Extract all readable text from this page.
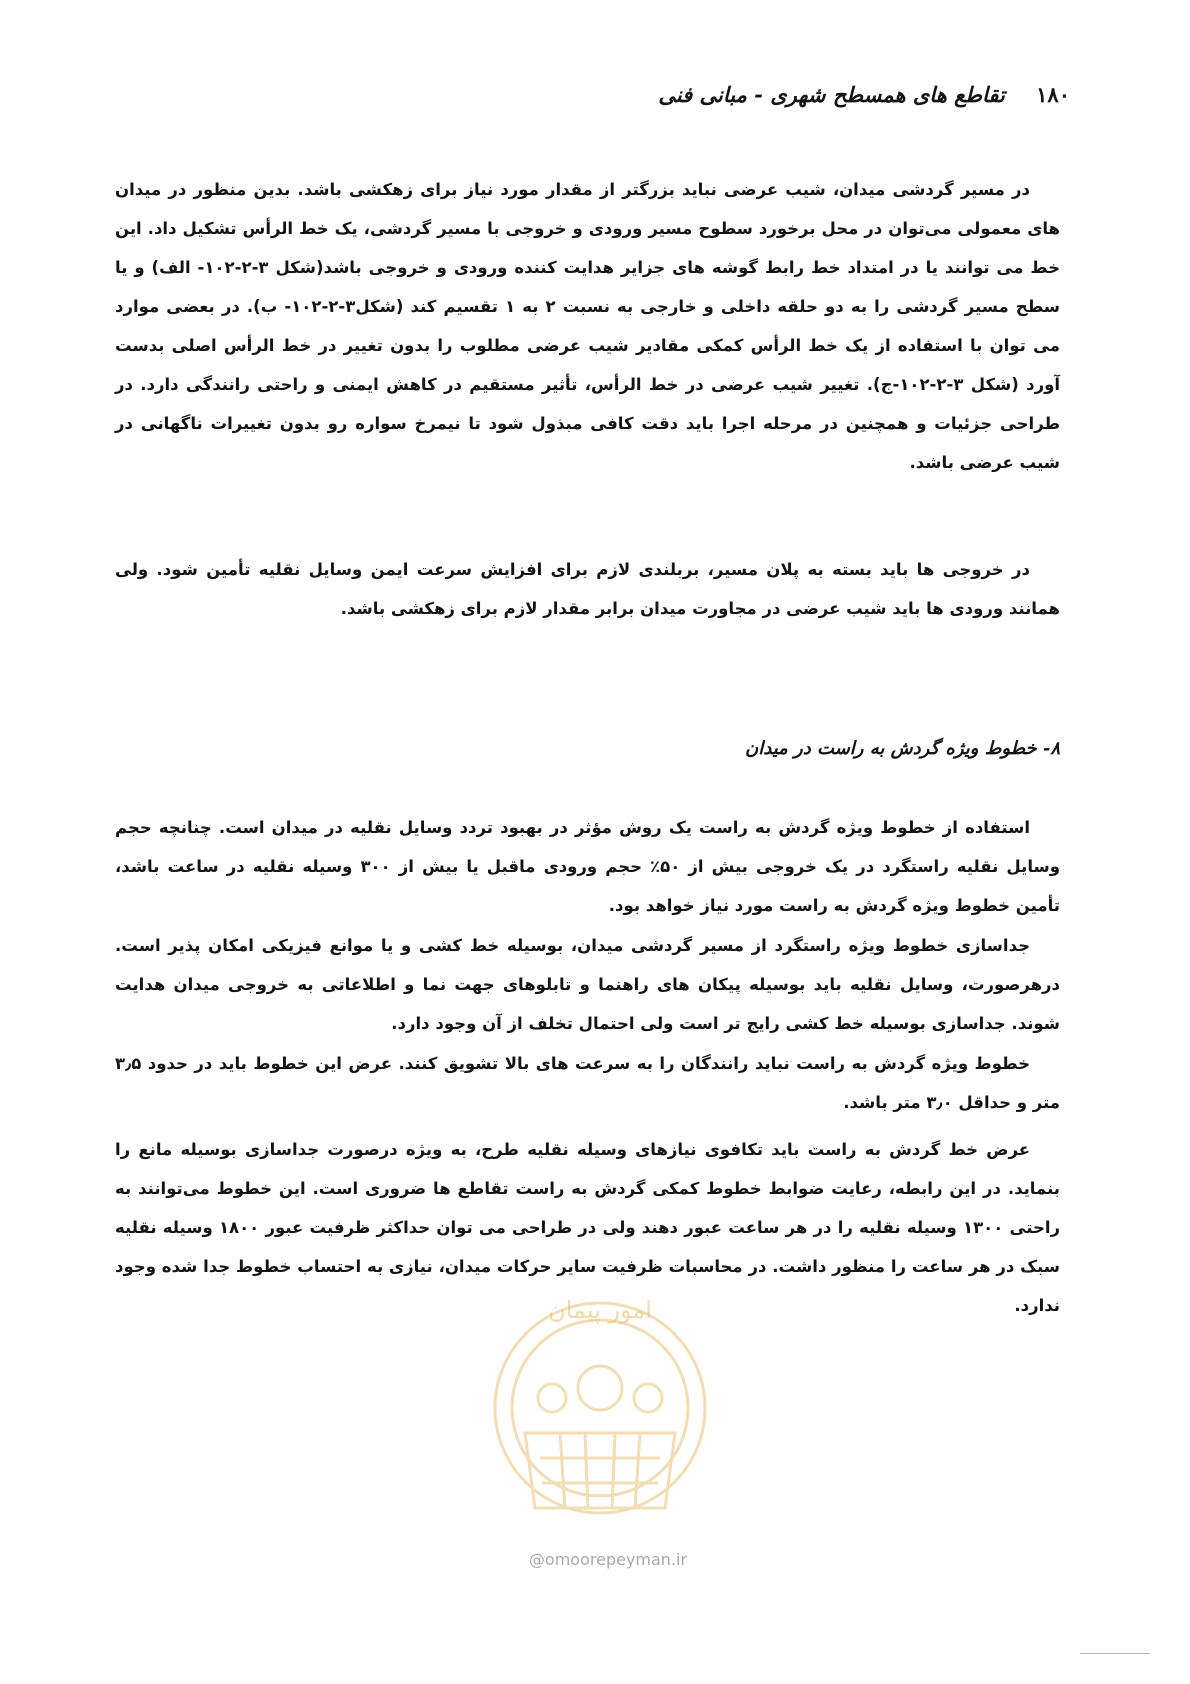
۱۸۰ تقاطع های همسطح شهری - مبانی فنی

در مسیر گردشی میدان، شیب عرضی نباید بزرگتر از مقدار مورد نیاز برای زهکشی باشد. بدین منظور در میدان های معمولی می‌توان در محل برخورد سطوح مسیر ورودی و خروجی با مسیر گردشی، یک خط الرأس تشکیل داد. این خط می توانند یا در امتداد خط رابط گوشه های جزایر هدایت کننده ورودی و خروجی باشد(شکل ۳-۲-۱۰۲- الف) و یا سطح مسیر گردشی را به دو حلقه داخلی و خارجی به نسبت ۲ به ۱ تقسیم کند (شکل۳-۲-۱۰۲- ب). در بعضی موارد می توان با استفاده از یک خط الرأس کمکی مقادیر شیب عرضی مطلوب را بدون تغییر در خط الرأس اصلی بدست آورد (شکل ۳-۲-۱۰۲-ج). تغییر شیب عرضی در خط الرأس، تأثیر مستقیم در کاهش ایمنی و راحتی رانندگی دارد. در طراحی جزئیات و همچنین در مرحله اجرا باید دقت کافی مبذول شود تا نیمرخ سواره رو بدون تغییرات ناگهانی در شیب عرضی باشد.

در خروجی ها باید بسته به پلان مسیر، بربلندی لازم برای افزایش سرعت ایمن وسایل نقلیه تأمین شود. ولی همانند ورودی ها باید شیب عرضی در مجاورت میدان برابر مقدار لازم برای زهکشی باشد.

۸- خطوط ویژه گردش به راست در میدان

استفاده از خطوط ویژه گردش به راست یک روش مؤثر در بهبود تردد وسایل نقلیه در میدان است. چنانچه حجم وسایل نقلیه راستگرد در یک خروجی بیش از ۵۰٪ حجم ورودی ماقبل یا بیش از ۳۰۰ وسیله نقلیه در ساعت باشد، تأمین خطوط ویژه گردش به راست مورد نیاز خواهد بود.

جداسازی خطوط ویژه راستگرد از مسیر گردشی میدان، بوسیله خط کشی و یا موانع فیزیکی امکان پذیر است. درهرصورت، وسایل نقلیه باید بوسیله پیکان های راهنما و تابلوهای جهت نما و اطلاعاتی به خروجی میدان هدایت شوند. جداسازی بوسیله خط کشی رایج تر است ولی احتمال تخلف از آن وجود دارد.

خطوط ویژه گردش به راست نباید رانندگان را به سرعت های بالا تشویق کنند. عرض این خطوط باید در حدود ۳٫۵ متر و حداقل ۳٫۰ متر باشد.

عرض خط گردش به راست باید تکافوی نیازهای وسیله نقلیه طرح، به ویژه درصورت جداسازی بوسیله مانع را بنماید. در این رابطه، رعایت ضوابط خطوط کمکی گردش به راست تقاطع ها ضروری است. این خطوط می‌توانند به راحتی ۱۳۰۰ وسیله نقلیه را در هر ساعت عبور دهند ولی در طراحی می توان حداکثر ظرفیت عبور ۱۸۰۰ وسیله نقلیه سبک در هر ساعت را منظور داشت. در محاسبات ظرفیت سایر حرکات میدان، نیازی به احتساب خطوط جدا شده وجود ندارد.

امور پیمان
@omoorepeyman.ir
